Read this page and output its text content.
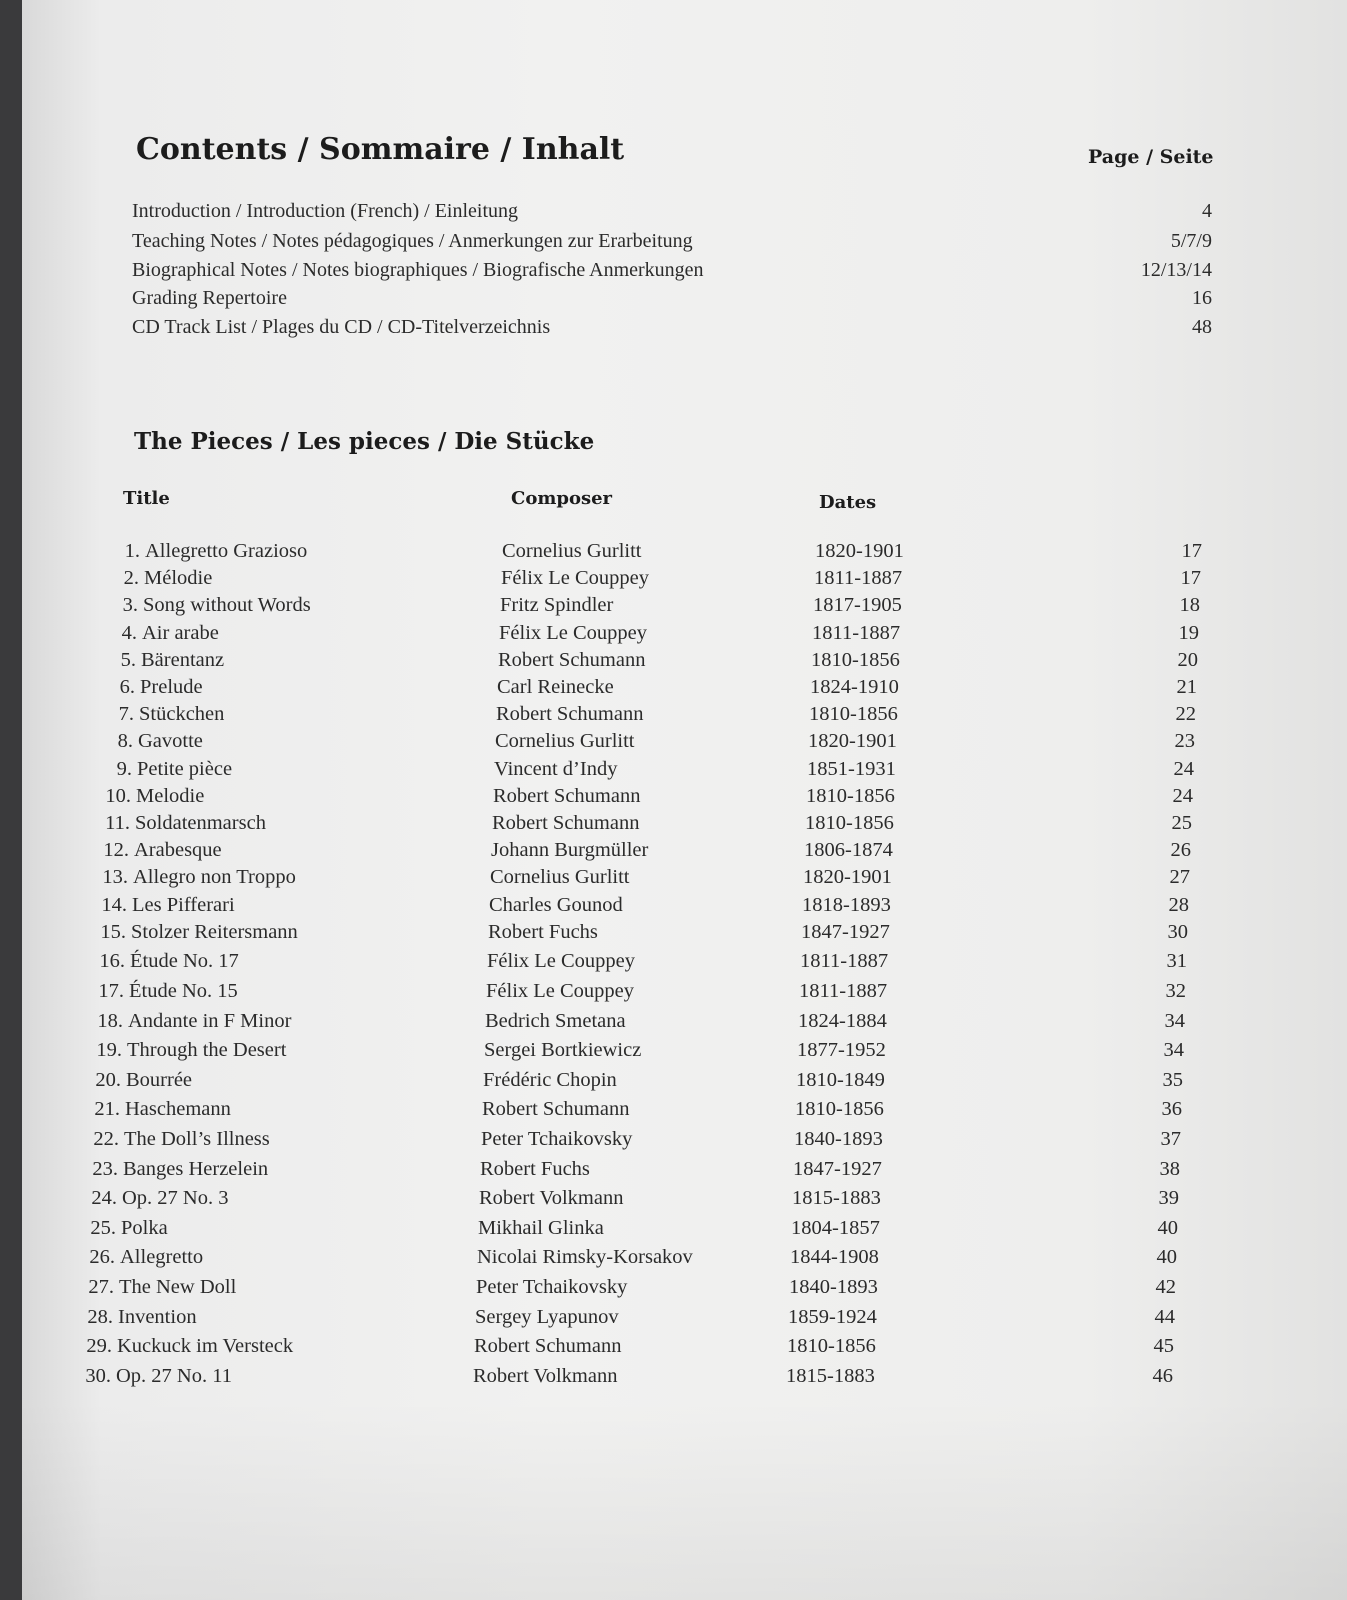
Contents / Sommaire / Inhalt	Page / Seite
Introduction / Introduction (French) / Einleitung	4
Teaching Notes / Notes pédagogiques / Anmerkungen zur Erarbeitung	5/7/9
Biographical Notes / Notes biographiques / Biografische Anmerkungen	12/13/14
Grading Repertoire	16
CD Track List / Plages du CD / CD-Titelverzeichnis	48
The Pieces / Les pieces / Die Stücke
Title	Composer	Dates
1. Allegretto Grazioso	Cornelius Gurlitt	1820-1901	17
2. Mélodie	Félix Le Couppey	1811-1887	17
3. Song without Words	Fritz Spindler	1817-1905	18
4. Air arabe	Félix Le Couppey	1811-1887	19
5. Bärentanz	Robert Schumann	1810-1856	20
6. Prelude	Carl Reinecke	1824-1910	21
7. Stückchen	Robert Schumann	1810-1856	22
8. Gavotte	Cornelius Gurlitt	1820-1901	23
9. Petite pièce	Vincent d’Indy	1851-1931	24
10. Melodie	Robert Schumann	1810-1856	24
11. Soldatenmarsch	Robert Schumann	1810-1856	25
12. Arabesque	Johann Burgmüller	1806-1874	26
13. Allegro non Troppo	Cornelius Gurlitt	1820-1901	27
14. Les Pifferari	Charles Gounod	1818-1893	28
15. Stolzer Reitersmann	Robert Fuchs	1847-1927	30
16. Étude No. 17	Félix Le Couppey	1811-1887	31
17. Étude No. 15	Félix Le Couppey	1811-1887	32
18. Andante in F Minor	Bedrich Smetana	1824-1884	34
19. Through the Desert	Sergei Bortkiewicz	1877-1952	34
20. Bourrée	Frédéric Chopin	1810-1849	35
21. Haschemann	Robert Schumann	1810-1856	36
22. The Doll’s Illness	Peter Tchaikovsky	1840-1893	37
23. Banges Herzelein	Robert Fuchs	1847-1927	38
24. Op. 27 No. 3	Robert Volkmann	1815-1883	39
25. Polka	Mikhail Glinka	1804-1857	40
26. Allegretto	Nicolai Rimsky-Korsakov	1844-1908	40
27. The New Doll	Peter Tchaikovsky	1840-1893	42
28. Invention	Sergey Lyapunov	1859-1924	44
29. Kuckuck im Versteck	Robert Schumann	1810-1856	45
30. Op. 27 No. 11	Robert Volkmann	1815-1883	46
